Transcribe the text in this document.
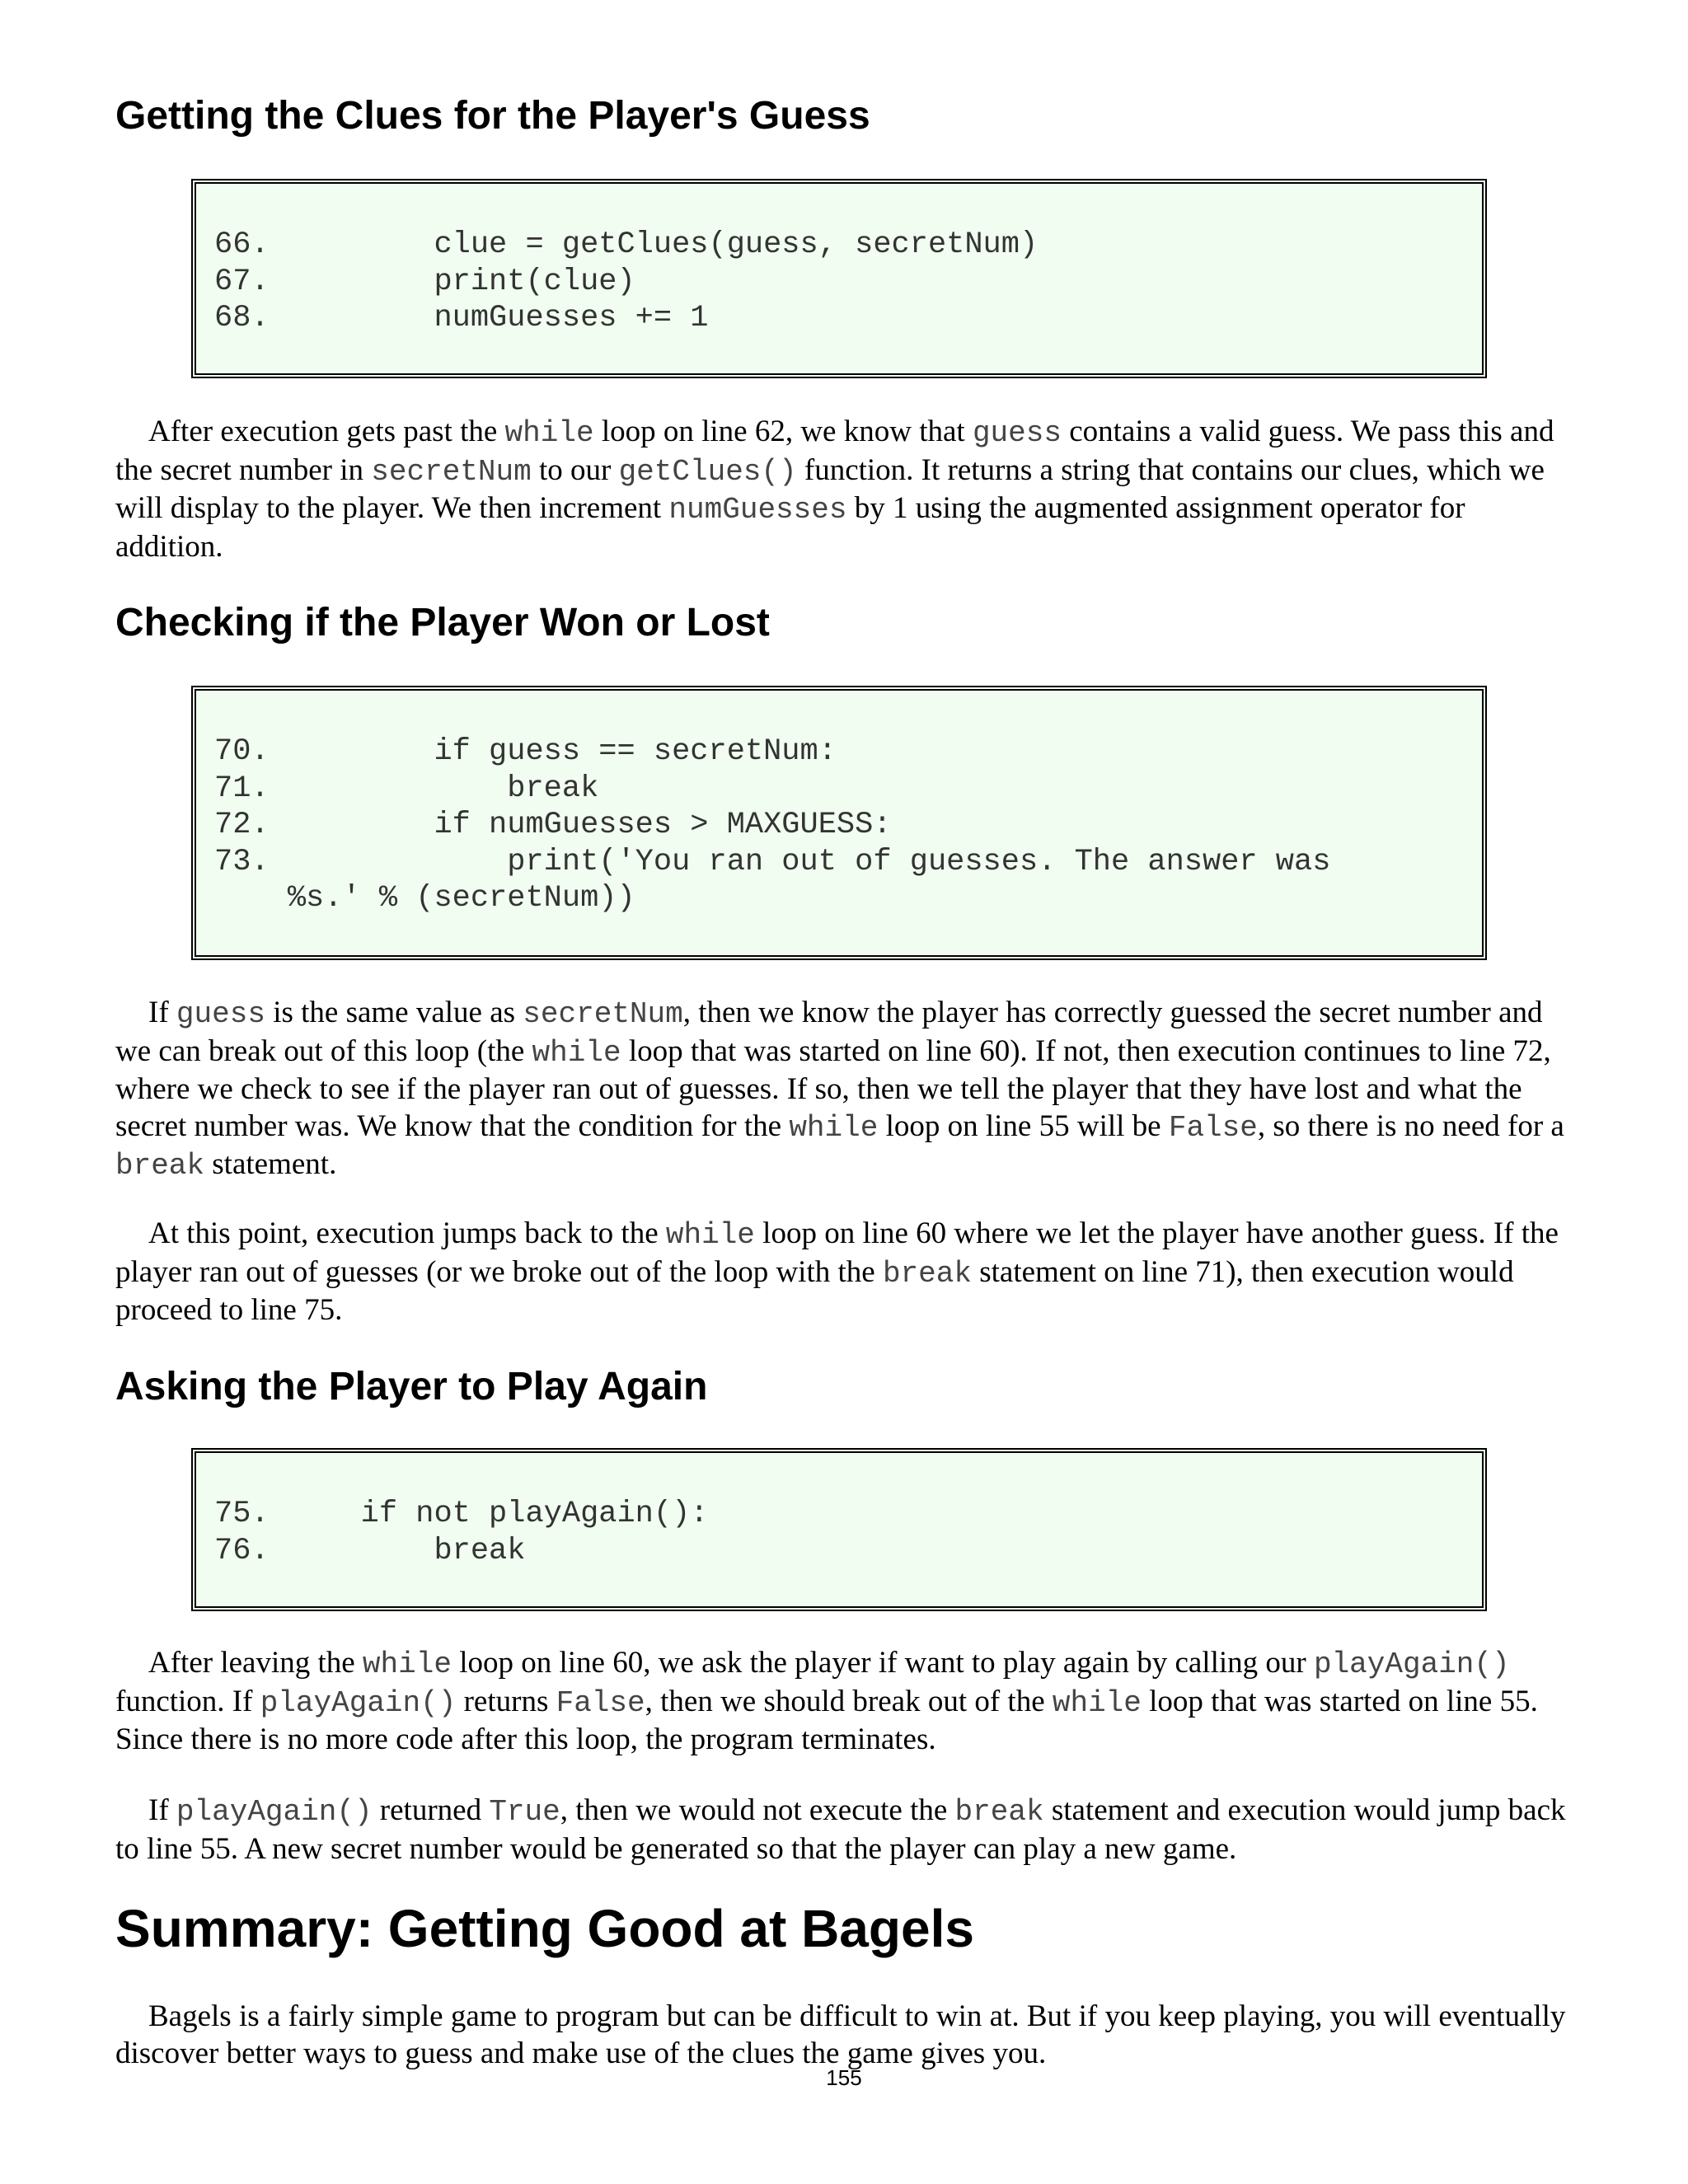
Getting the Clues for the Player's Guess
66.         clue = getClues(guess, secretNum)
67.         print(clue)
68.         numGuesses += 1

After execution gets past the while loop on line 62, we know that guess contains a valid guess. We pass this and the secret number in secretNum to our getClues() function. It returns a string that contains our clues, which we will display to the player. We then increment numGuesses by 1 using the augmented assignment operator for addition.

Checking if the Player Won or Lost
70.         if guess == secretNum:
71.             break
72.         if numGuesses > MAXGUESS:
73.             print('You ran out of guesses. The answer was
%s.' % (secretNum))

If guess is the same value as secretNum, then we know the player has correctly guessed the secret number and we can break out of this loop (the while loop that was started on line 60). If not, then execution continues to line 72, where we check to see if the player ran out of guesses. If so, then we tell the player that they have lost and what the secret number was. We know that the condition for the while loop on line 55 will be False, so there is no need for a break statement.

At this point, execution jumps back to the while loop on line 60 where we let the player have another guess. If the player ran out of guesses (or we broke out of the loop with the break statement on line 71), then execution would proceed to line 75.

Asking the Player to Play Again
75.     if not playAgain():
76.         break

After leaving the while loop on line 60, we ask the player if want to play again by calling our playAgain() function. If playAgain() returns False, then we should break out of the while loop that was started on line 55. Since there is no more code after this loop, the program terminates.

If playAgain() returned True, then we would not execute the break statement and execution would jump back to line 55. A new secret number would be generated so that the player can play a new game.

Summary: Getting Good at Bagels

Bagels is a fairly simple game to program but can be difficult to win at. But if you keep playing, you will eventually discover better ways to guess and make use of the clues the game gives you.

155
